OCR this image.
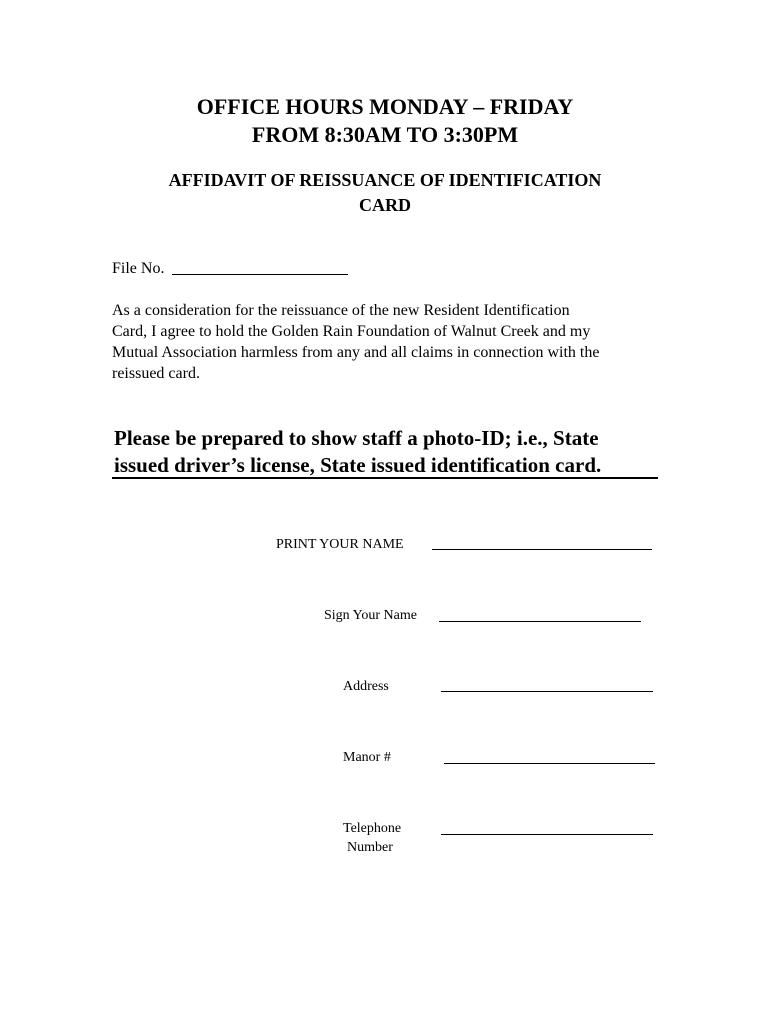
OFFICE HOURS MONDAY – FRIDAY
FROM 8:30AM TO 3:30PM
AFFIDAVIT OF REISSUANCE OF IDENTIFICATION
CARD
File No.
As a consideration for the reissuance of the new Resident Identification
Card, I agree to hold the Golden Rain Foundation of Walnut Creek and my
Mutual Association harmless from any and all claims in connection with the
reissued card.
Please be prepared to show staff a photo-ID; i.e., State
issued driver’s license, State issued identification card.
PRINT YOUR NAME
Sign Your Name
Address
Manor #
Telephone
Number
